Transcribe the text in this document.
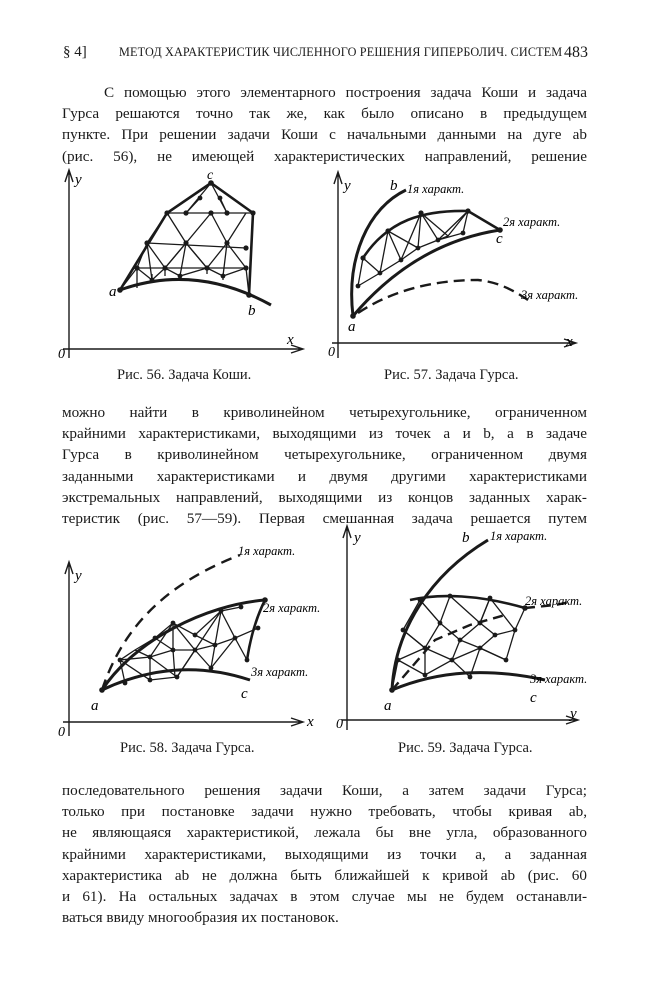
§ 4]	МЕТОД ХАРАКТЕРИСТИК ЧИСЛЕННОГО РЕШЕНИЯ ГИПЕРБОЛИЧ. СИСТЕМ 483
С помощью этого элементарного построения задача Коши и задача
Гурса решаются точно так же, как было описано в предыдущем
пункте. При решении задачи Коши с начальными данными на дуге ab
(рис. 56), не имеющей характеристических направлений, решение
y
x
0
a
b
c
Рис. 56. Задача Коши.
y
x
0
a
b
c
1я характ.
2я характ.
3я характ.
Рис. 57. Задача Гурса.
можно найти в криволинейном четырехугольнике, ограниченном
крайними характеристиками, выходящими из точек a и b, а в задаче
Гурса в криволинейном четырехугольнике, ограниченном двумя
заданными характеристиками и двумя другими характеристиками
экстремальных направлений, выходящими из концов заданных харак-
теристик (рис. 57—59). Первая смешанная задача решается путем
y
x
0
a
c
1я характ.
2я характ.
3я характ.
Рис. 58. Задача Гурса.
y
y
0
a
b
c
1я характ.
2я характ.
3я характ.
Рис. 59. Задача Гурса.
последовательного решения задачи Коши, а затем задачи Гурса;
только при постановке задачи нужно требовать, чтобы кривая ab,
не являющаяся характеристикой, лежала бы вне угла, образованного
крайними характеристиками, выходящими из точки a, а заданная
характеристика ab не должна быть ближайшей к кривой ab (рис. 60
и 61). На остальных задачах в этом случае мы не будем останавли-
ваться ввиду многообразия их постановок.
